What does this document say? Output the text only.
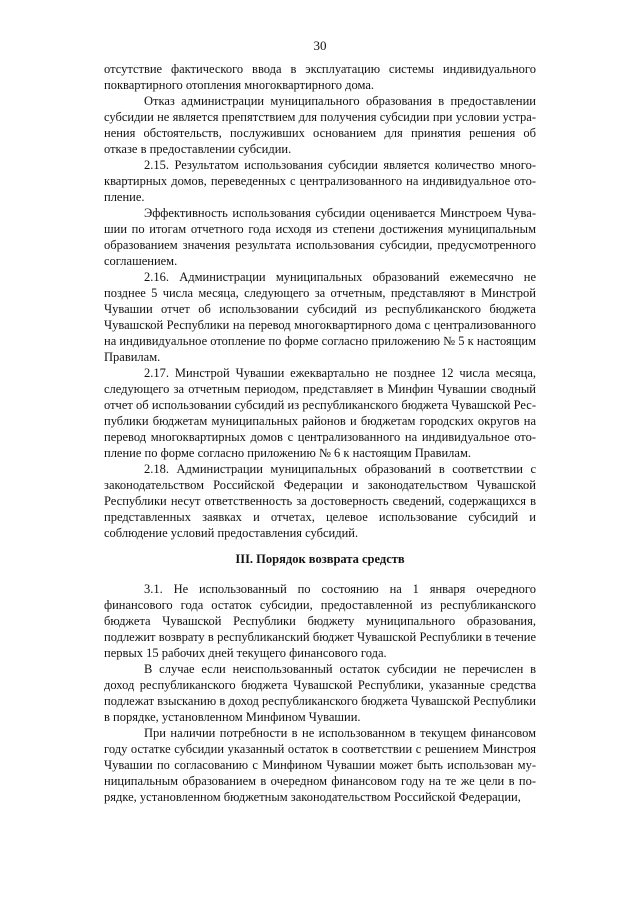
30

отсутствие фактического ввода в эксплуатацию системы индивидуального поквартирного отопления многоквартирного дома.

Отказ администрации муниципального образования в предоставлении субсидии не является препятствием для получения субсидии при условии устранения обстоятельств, послуживших основанием для принятия решения об отказе в предоставлении субсидии.

2.15. Результатом использования субсидии является количество многоквартирных домов, переведенных с централизованного на индивидуальное отопление.

Эффективность использования субсидии оценивается Минстроем Чувашии по итогам отчетного года исходя из степени достижения муниципальным образованием значения результата использования субсидии, предусмотренного соглашением.

2.16. Администрации муниципальных образований ежемесячно не позднее 5 числа месяца, следующего за отчетным, представляют в Минстрой Чувашии отчет об использовании субсидий из республиканского бюджета Чувашской Республики на перевод многоквартирного дома с централизованного на индивидуальное отопление по форме согласно приложению № 5 к настоящим Правилам.

2.17. Минстрой Чувашии ежеквартально не позднее 12 числа месяца, следующего за отчетным периодом, представляет в Минфин Чувашии сводный отчет об использовании субсидий из республиканского бюджета Чувашской Республики бюджетам муниципальных районов и бюджетам городских округов на перевод многоквартирных домов с централизованного на индивидуальное отопление по форме согласно приложению № 6 к настоящим Правилам.

2.18. Администрации муниципальных образований в соответствии с законодательством Российской Федерации и законодательством Чувашской Республики несут ответственность за достоверность сведений, содержащихся в представленных заявках и отчетах, целевое использование субсидий и соблюдение условий предоставления субсидий.

III. Порядок возврата средств

3.1. Не использованный по состоянию на 1 января очередного финансового года остаток субсидии, предоставленной из республиканского бюджета Чувашской Республики бюджету муниципального образования, подлежит возврату в республиканский бюджет Чувашской Республики в течение первых 15 рабочих дней текущего финансового года.

В случае если неиспользованный остаток субсидии не перечислен в доход республиканского бюджета Чувашской Республики, указанные средства подлежат взысканию в доход республиканского бюджета Чувашской Республики в порядке, установленном Минфином Чувашии.

При наличии потребности в не использованном в текущем финансовом году остатке субсидии указанный остаток в соответствии с решением Минстроя Чувашии по согласованию с Минфином Чувашии может быть использован муниципальным образованием в очередном финансовом году на те же цели в порядке, установленном бюджетным законодательством Российской Федерации,
